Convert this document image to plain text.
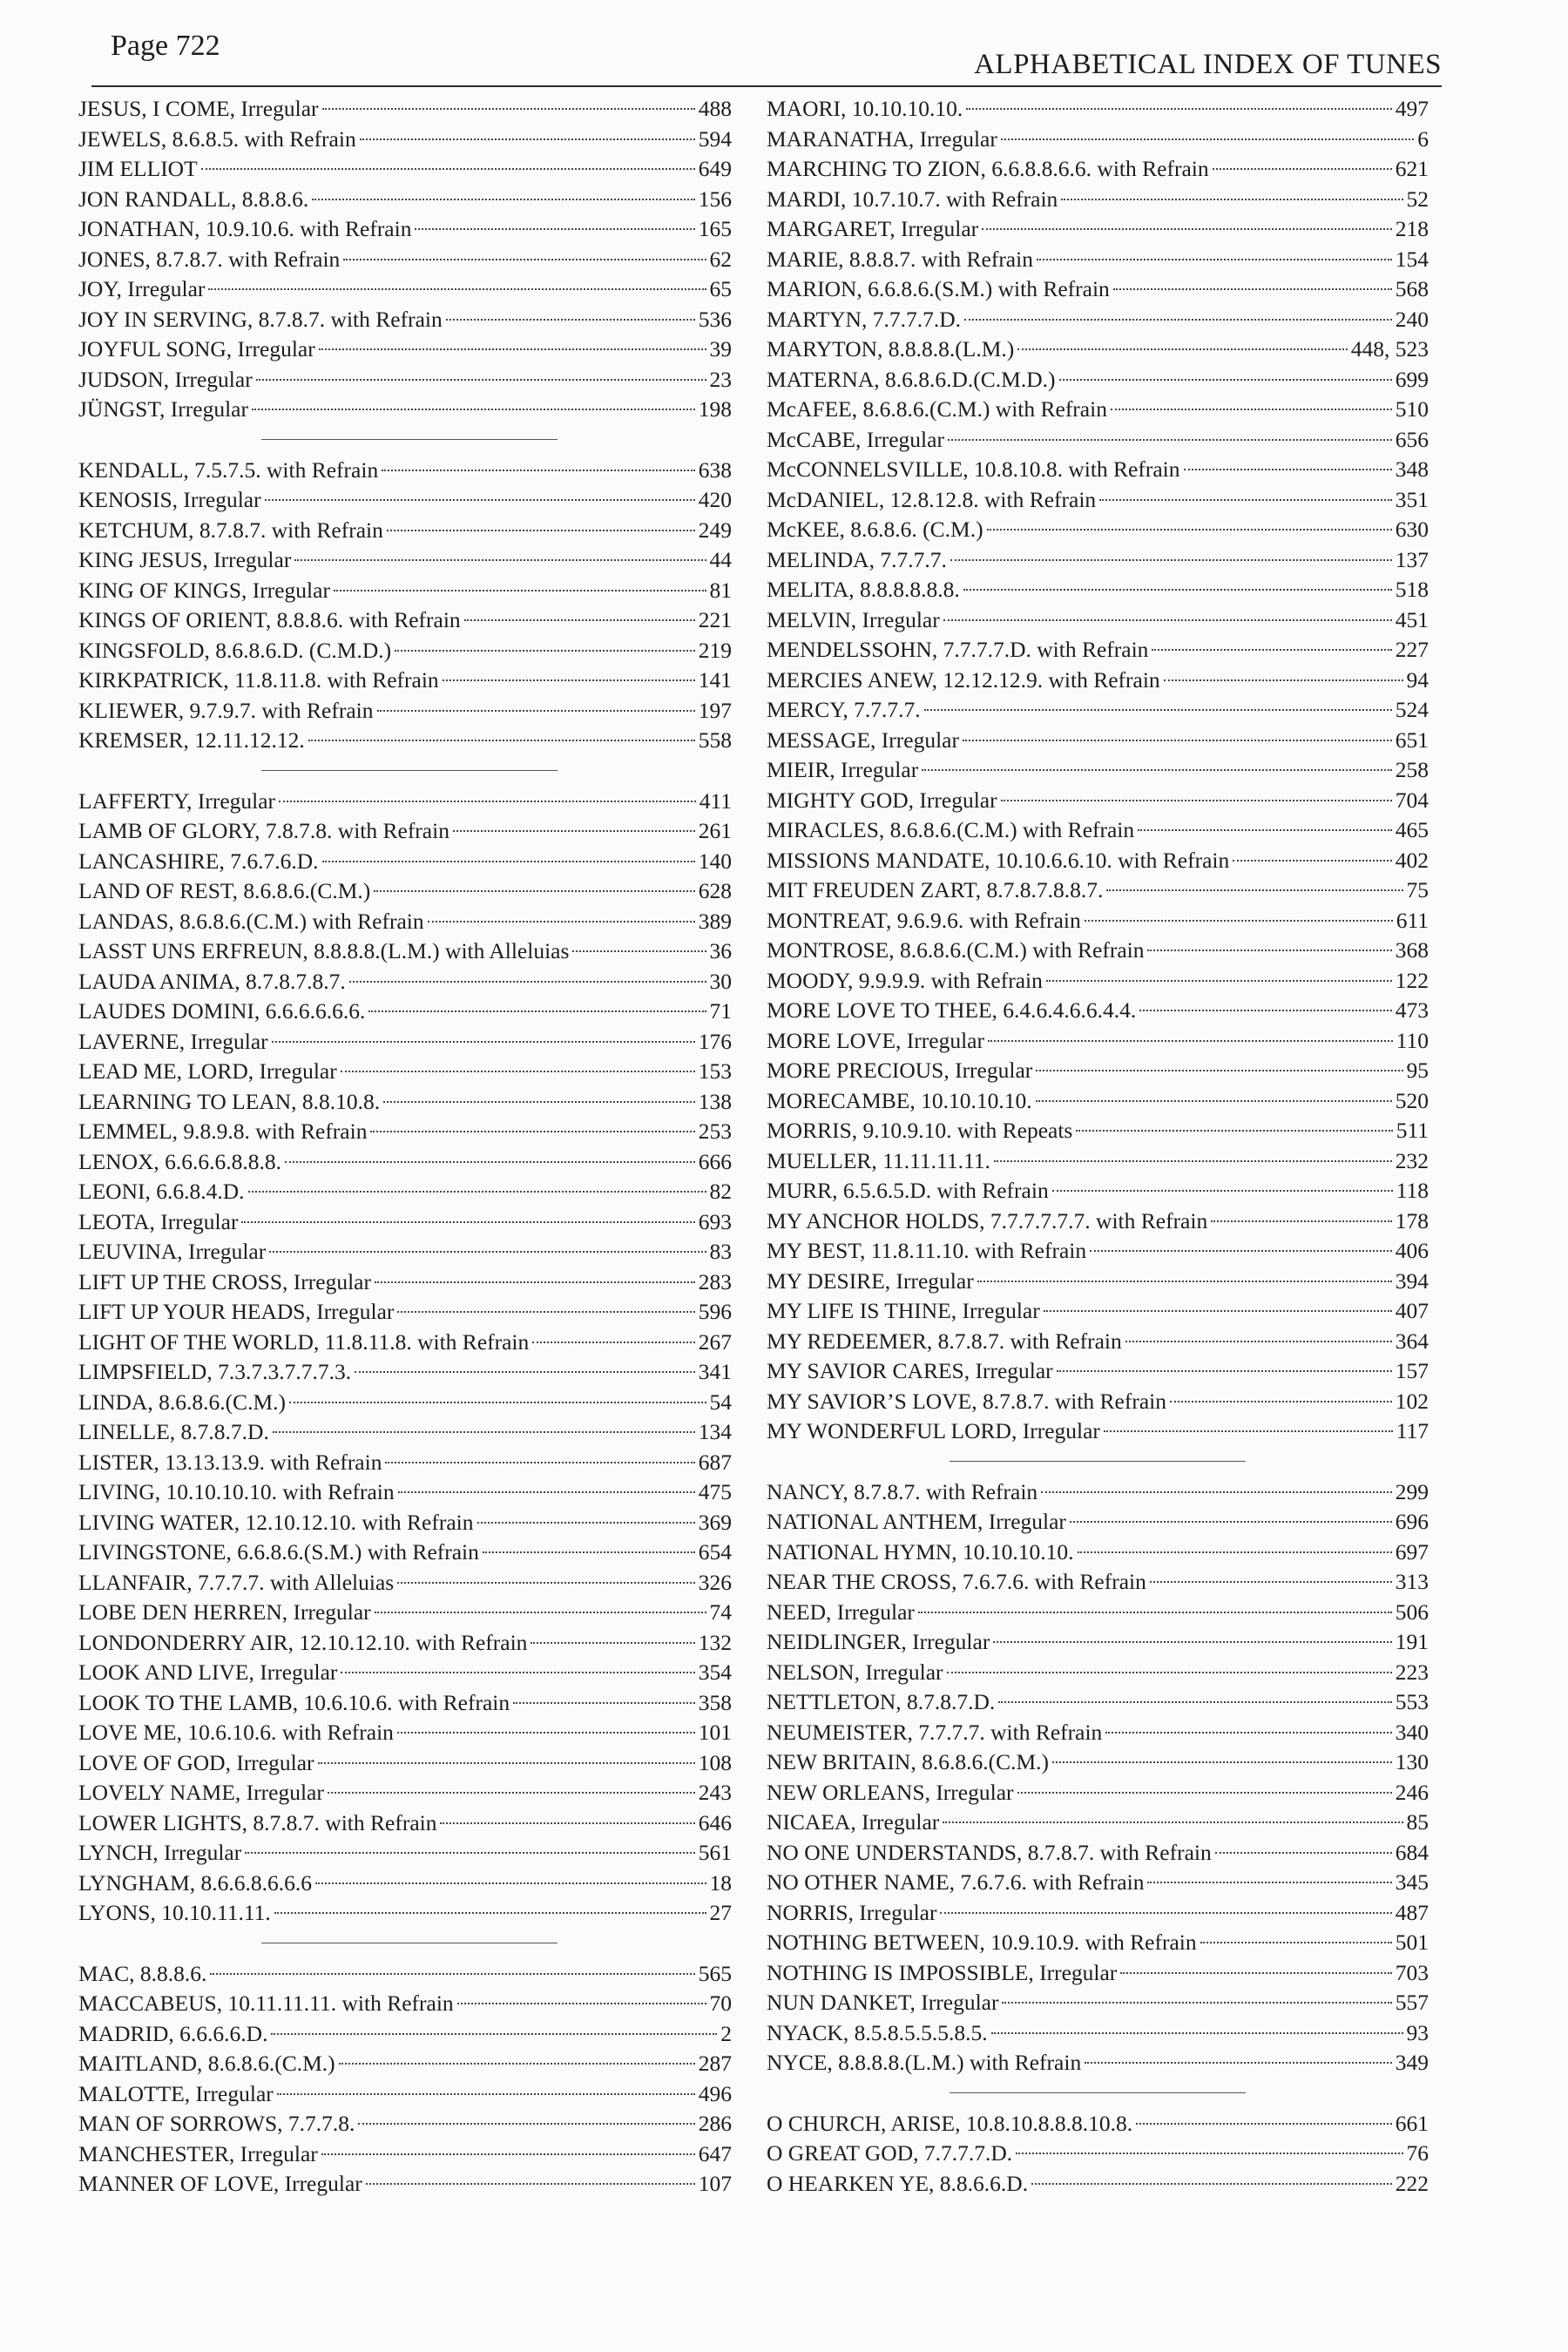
Page 722
ALPHABETICAL INDEX OF TUNES
JESUS, I COME, Irregular	488
JEWELS, 8.6.8.5. with Refrain	594
JIM ELLIOT	649
JON RANDALL, 8.8.8.6.	156
JONATHAN, 10.9.10.6. with Refrain	165
JONES, 8.7.8.7. with Refrain	62
JOY, Irregular	65
JOY IN SERVING, 8.7.8.7. with Refrain	536
JOYFUL SONG, Irregular	39
JUDSON, Irregular	23
JÜNGST, Irregular	198
KENDALL, 7.5.7.5. with Refrain	638
KENOSIS, Irregular	420
KETCHUM, 8.7.8.7. with Refrain	249
KING JESUS, Irregular	44
KING OF KINGS, Irregular	81
KINGS OF ORIENT, 8.8.8.6. with Refrain	221
KINGSFOLD, 8.6.8.6.D. (C.M.D.)	219
KIRKPATRICK, 11.8.11.8. with Refrain	141
KLIEWER, 9.7.9.7. with Refrain	197
KREMSER, 12.11.12.12.	558
LAFFERTY, Irregular	411
LAMB OF GLORY, 7.8.7.8. with Refrain	261
LANCASHIRE, 7.6.7.6.D.	140
LAND OF REST, 8.6.8.6.(C.M.)	628
LANDAS, 8.6.8.6.(C.M.) with Refrain	389
LASST UNS ERFREUN, 8.8.8.8.(L.M.) with Alleluias	36
LAUDA ANIMA, 8.7.8.7.8.7.	30
LAUDES DOMINI, 6.6.6.6.6.6.	71
LAVERNE, Irregular	176
LEAD ME, LORD, Irregular	153
LEARNING TO LEAN, 8.8.10.8.	138
LEMMEL, 9.8.9.8. with Refrain	253
LENOX, 6.6.6.6.8.8.8.	666
LEONI, 6.6.8.4.D.	82
LEOTA, Irregular	693
LEUVINA, Irregular	83
LIFT UP THE CROSS, Irregular	283
LIFT UP YOUR HEADS, Irregular	596
LIGHT OF THE WORLD, 11.8.11.8. with Refrain	267
LIMPSFIELD, 7.3.7.3.7.7.7.3.	341
LINDA, 8.6.8.6.(C.M.)	54
LINELLE, 8.7.8.7.D.	134
LISTER, 13.13.13.9. with Refrain	687
LIVING, 10.10.10.10. with Refrain	475
LIVING WATER, 12.10.12.10. with Refrain	369
LIVINGSTONE, 6.6.8.6.(S.M.) with Refrain	654
LLANFAIR, 7.7.7.7. with Alleluias	326
LOBE DEN HERREN, Irregular	74
LONDONDERRY AIR, 12.10.12.10. with Refrain	132
LOOK AND LIVE, Irregular	354
LOOK TO THE LAMB, 10.6.10.6. with Refrain	358
LOVE ME, 10.6.10.6. with Refrain	101
LOVE OF GOD, Irregular	108
LOVELY NAME, Irregular	243
LOWER LIGHTS, 8.7.8.7. with Refrain	646
LYNCH, Irregular	561
LYNGHAM, 8.6.6.8.6.6.6	18
LYONS, 10.10.11.11.	27
MAC, 8.8.8.6.	565
MACCABEUS, 10.11.11.11. with Refrain	70
MADRID, 6.6.6.6.D.	2
MAITLAND, 8.6.8.6.(C.M.)	287
MALOTTE, Irregular	496
MAN OF SORROWS, 7.7.7.8.	286
MANCHESTER, Irregular	647
MANNER OF LOVE, Irregular	107
MAORI, 10.10.10.10.	497
MARANATHA, Irregular	6
MARCHING TO ZION, 6.6.8.8.6.6. with Refrain	621
MARDI, 10.7.10.7. with Refrain	52
MARGARET, Irregular	218
MARIE, 8.8.8.7. with Refrain	154
MARION, 6.6.8.6.(S.M.) with Refrain	568
MARTYN, 7.7.7.7.D.	240
MARYTON, 8.8.8.8.(L.M.)	448, 523
MATERNA, 8.6.8.6.D.(C.M.D.)	699
McAFEE, 8.6.8.6.(C.M.) with Refrain	510
McCABE, Irregular	656
McCONNELSVILLE, 10.8.10.8. with Refrain	348
McDANIEL, 12.8.12.8. with Refrain	351
McKEE, 8.6.8.6. (C.M.)	630
MELINDA, 7.7.7.7.	137
MELITA, 8.8.8.8.8.8.	518
MELVIN, Irregular	451
MENDELSSOHN, 7.7.7.7.D. with Refrain	227
MERCIES ANEW, 12.12.12.9. with Refrain	94
MERCY, 7.7.7.7.	524
MESSAGE, Irregular	651
MIEIR, Irregular	258
MIGHTY GOD, Irregular	704
MIRACLES, 8.6.8.6.(C.M.) with Refrain	465
MISSIONS MANDATE, 10.10.6.6.10. with Refrain	402
MIT FREUDEN ZART, 8.7.8.7.8.8.7.	75
MONTREAT, 9.6.9.6. with Refrain	611
MONTROSE, 8.6.8.6.(C.M.) with Refrain	368
MOODY, 9.9.9.9. with Refrain	122
MORE LOVE TO THEE, 6.4.6.4.6.6.4.4.	473
MORE LOVE, Irregular	110
MORE PRECIOUS, Irregular	95
MORECAMBE, 10.10.10.10.	520
MORRIS, 9.10.9.10. with Repeats	511
MUELLER, 11.11.11.11.	232
MURR, 6.5.6.5.D. with Refrain	118
MY ANCHOR HOLDS, 7.7.7.7.7.7. with Refrain	178
MY BEST, 11.8.11.10. with Refrain	406
MY DESIRE, Irregular	394
MY LIFE IS THINE, Irregular	407
MY REDEEMER, 8.7.8.7. with Refrain	364
MY SAVIOR CARES, Irregular	157
MY SAVIOR’S LOVE, 8.7.8.7. with Refrain	102
MY WONDERFUL LORD, Irregular	117
NANCY, 8.7.8.7. with Refrain	299
NATIONAL ANTHEM, Irregular	696
NATIONAL HYMN, 10.10.10.10.	697
NEAR THE CROSS, 7.6.7.6. with Refrain	313
NEED, Irregular	506
NEIDLINGER, Irregular	191
NELSON, Irregular	223
NETTLETON, 8.7.8.7.D.	553
NEUMEISTER, 7.7.7.7. with Refrain	340
NEW BRITAIN, 8.6.8.6.(C.M.)	130
NEW ORLEANS, Irregular	246
NICAEA, Irregular	85
NO ONE UNDERSTANDS, 8.7.8.7. with Refrain	684
NO OTHER NAME, 7.6.7.6. with Refrain	345
NORRIS, Irregular	487
NOTHING BETWEEN, 10.9.10.9. with Refrain	501
NOTHING IS IMPOSSIBLE, Irregular	703
NUN DANKET, Irregular	557
NYACK, 8.5.8.5.5.5.8.5.	93
NYCE, 8.8.8.8.(L.M.) with Refrain	349
O CHURCH, ARISE, 10.8.10.8.8.8.10.8.	661
O GREAT GOD, 7.7.7.7.D.	76
O HEARKEN YE, 8.8.6.6.D.	222
